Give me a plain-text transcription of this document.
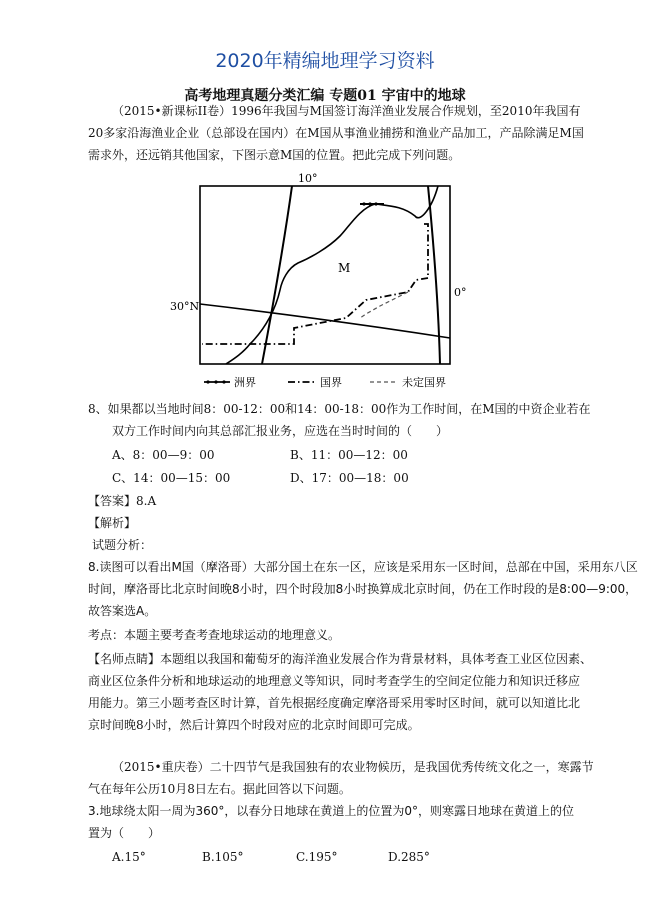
2020年精编地理学习资料
高考地理真题分类汇编 专题01 宇宙中的地球
（2015•新课标II卷）1996年我国与M国签订海洋渔业发展合作规划，至2010年我国有
20多家沿海渔业企业（总部设在国内）在M国从事渔业捕捞和渔业产品加工，产品除满足M国
需求外，还远销其他国家，下图示意M国的位置。把此完成下列问题。
10°
30°N
0°
M
洲界	国界	未定国界
8、如果都以当地时间8：00-12：00和14：00-18：00作为工作时间，在M国的中资企业若在
双方工作时间内向其总部汇报业务，应选在当时时间的（　　）
A、8：00—9：00	B、11：00—12：00
C、14：00—15：00	D、17：00—18：00
【答案】8.A
【解析】
试题分析：
8.读图可以看出M国（摩洛哥）大部分国土在东一区，应该是采用东一区时间，总部在中国，采用东八区
时间，摩洛哥比北京时间晚8小时，四个时段加8小时换算成北京时间，仍在工作时段的是8:00—9:00，
故答案选A。
考点：本题主要考查考查地球运动的地理意义。
【名师点睛】本题组以我国和葡萄牙的海洋渔业发展合作为背景材料，具体考查工业区位因素、
商业区位条件分析和地球运动的地理意义等知识，同时考查学生的空间定位能力和知识迁移应
用能力。第三小题考查区时计算，首先根据经度确定摩洛哥采用零时区时间，就可以知道比北
京时间晚8小时，然后计算四个时段对应的北京时间即可完成。
（2015•重庆卷）二十四节气是我国独有的农业物候历，是我国优秀传统文化之一，寒露节
气在每年公历10月8日左右。据此回答以下问题。
3.地球绕太阳一周为360°，以春分日地球在黄道上的位置为0°，则寒露日地球在黄道上的位
置为（　　）
A.15°	B.105°	C.195°	D.285°
